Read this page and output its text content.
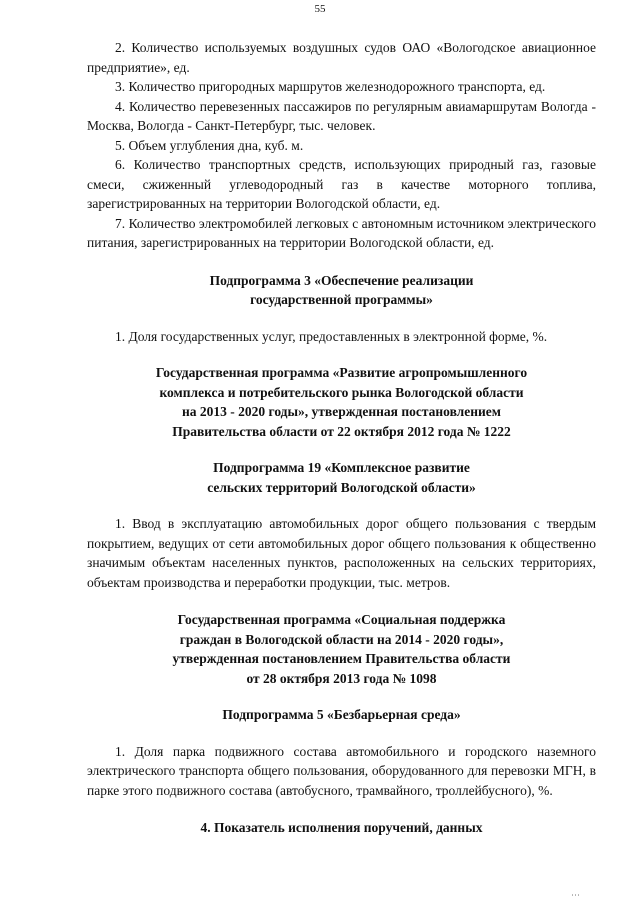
55

2. Количество используемых воздушных судов ОАО «Вологодское авиационное предприятие», ед.

3. Количество пригородных маршрутов железнодорожного транспорта, ед.

4. Количество перевезенных пассажиров по регулярным авиамаршрутам Вологда - Москва, Вологда - Санкт-Петербург, тыс. человек.

5. Объем углубления дна, куб. м.

6. Количество транспортных средств, использующих природный газ, газовые смеси, сжиженный углеводородный газ в качестве моторного топлива, зарегистрированных на территории Вологодской области, ед.

7. Количество электромобилей легковых с автономным источником электрического питания, зарегистрированных на территории Вологодской области, ед.

Подпрограмма 3 «Обеспечение реализации
государственной программы»

1. Доля государственных услуг, предоставленных в электронной форме, %.

Государственная программа «Развитие агропромышленного
комплекса и потребительского рынка Вологодской области
на 2013 - 2020 годы», утвержденная постановлением
Правительства области от 22 октября 2012 года № 1222

Подпрограмма 19 «Комплексное развитие
сельских территорий Вологодской области»

1. Ввод в эксплуатацию автомобильных дорог общего пользования с твердым покрытием, ведущих от сети автомобильных дорог общего пользования к общественно значимым объектам населенных пунктов, расположенных на сельских территориях, объектам производства и переработки продукции, тыс. метров.

Государственная программа «Социальная поддержка
граждан в Вологодской области на 2014 - 2020 годы»,
утвержденная постановлением Правительства области
от 28 октября 2013 года № 1098

Подпрограмма 5 «Безбарьерная среда»

1. Доля парка подвижного состава автомобильного и городского наземного электрического транспорта общего пользования, оборудованного для перевозки МГН, в парке этого подвижного состава (автобусного, трамвайного, троллейбусного), %.

4. Показатель исполнения поручений, данных

˙˙˙
